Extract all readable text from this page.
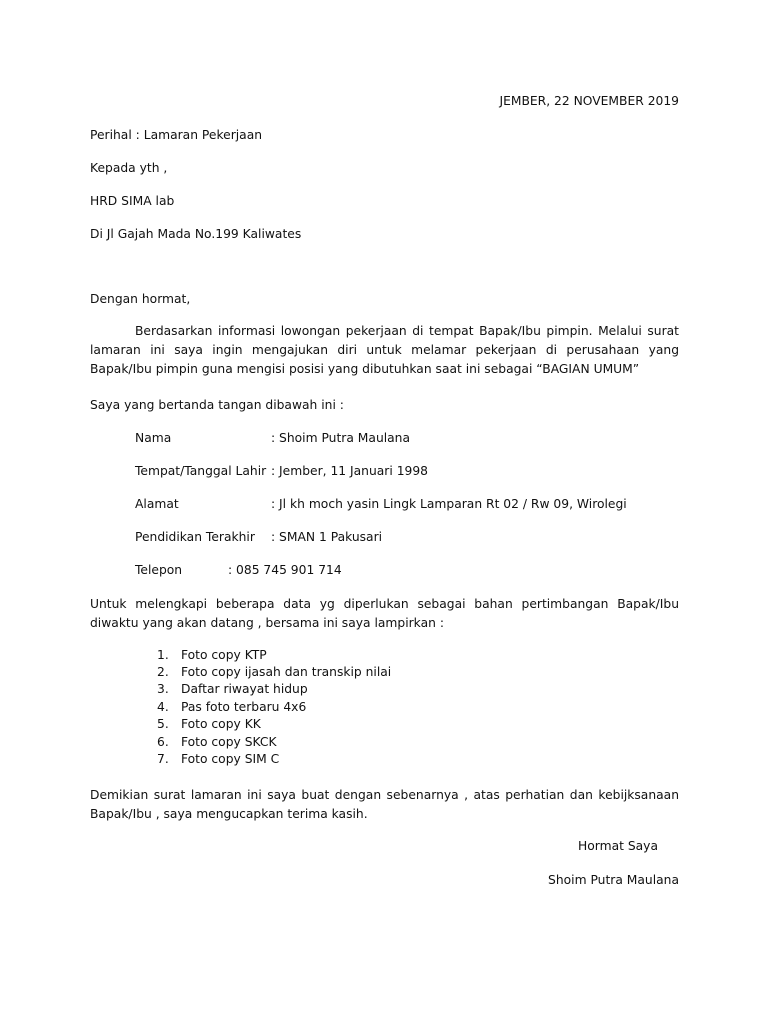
JEMBER, 22 NOVEMBER 2019
Perihal : Lamaran Pekerjaan
Kepada yth ,
HRD SIMA lab
Di Jl Gajah Mada No.199 Kaliwates
Dengan hormat,

Berdasarkan informasi lowongan pekerjaan di tempat Bapak/Ibu pimpin. Melalui surat lamaran ini saya ingin mengajukan diri untuk melamar pekerjaan di perusahaan yang Bapak/Ibu pimpin guna mengisi posisi yang dibutuhkan saat ini sebagai “BAGIAN UMUM”

Saya yang bertanda tangan dibawah ini :
Nama	: Shoim Putra Maulana
Tempat/Tanggal Lahir : Jember, 11 Januari 1998
Alamat	: Jl kh moch yasin Lingk Lamparan Rt 02 / Rw 09, Wirolegi
Pendidikan Terakhir : SMAN 1 Pakusari
Telepon	: 085 745 901 714

Untuk melengkapi beberapa data yg diperlukan sebagai bahan pertimbangan Bapak/Ibu diwaktu yang akan datang , bersama ini saya lampirkan :

1. Foto copy KTP
2. Foto copy ijasah dan transkip nilai
3. Daftar riwayat hidup
4. Pas foto terbaru 4x6
5. Foto copy KK
6. Foto copy SKCK
7. Foto copy SIM C

Demikian surat lamaran ini saya buat dengan sebenarnya , atas perhatian dan kebijksanaan Bapak/Ibu , saya mengucapkan terima kasih.

Hormat Saya
Shoim Putra Maulana
